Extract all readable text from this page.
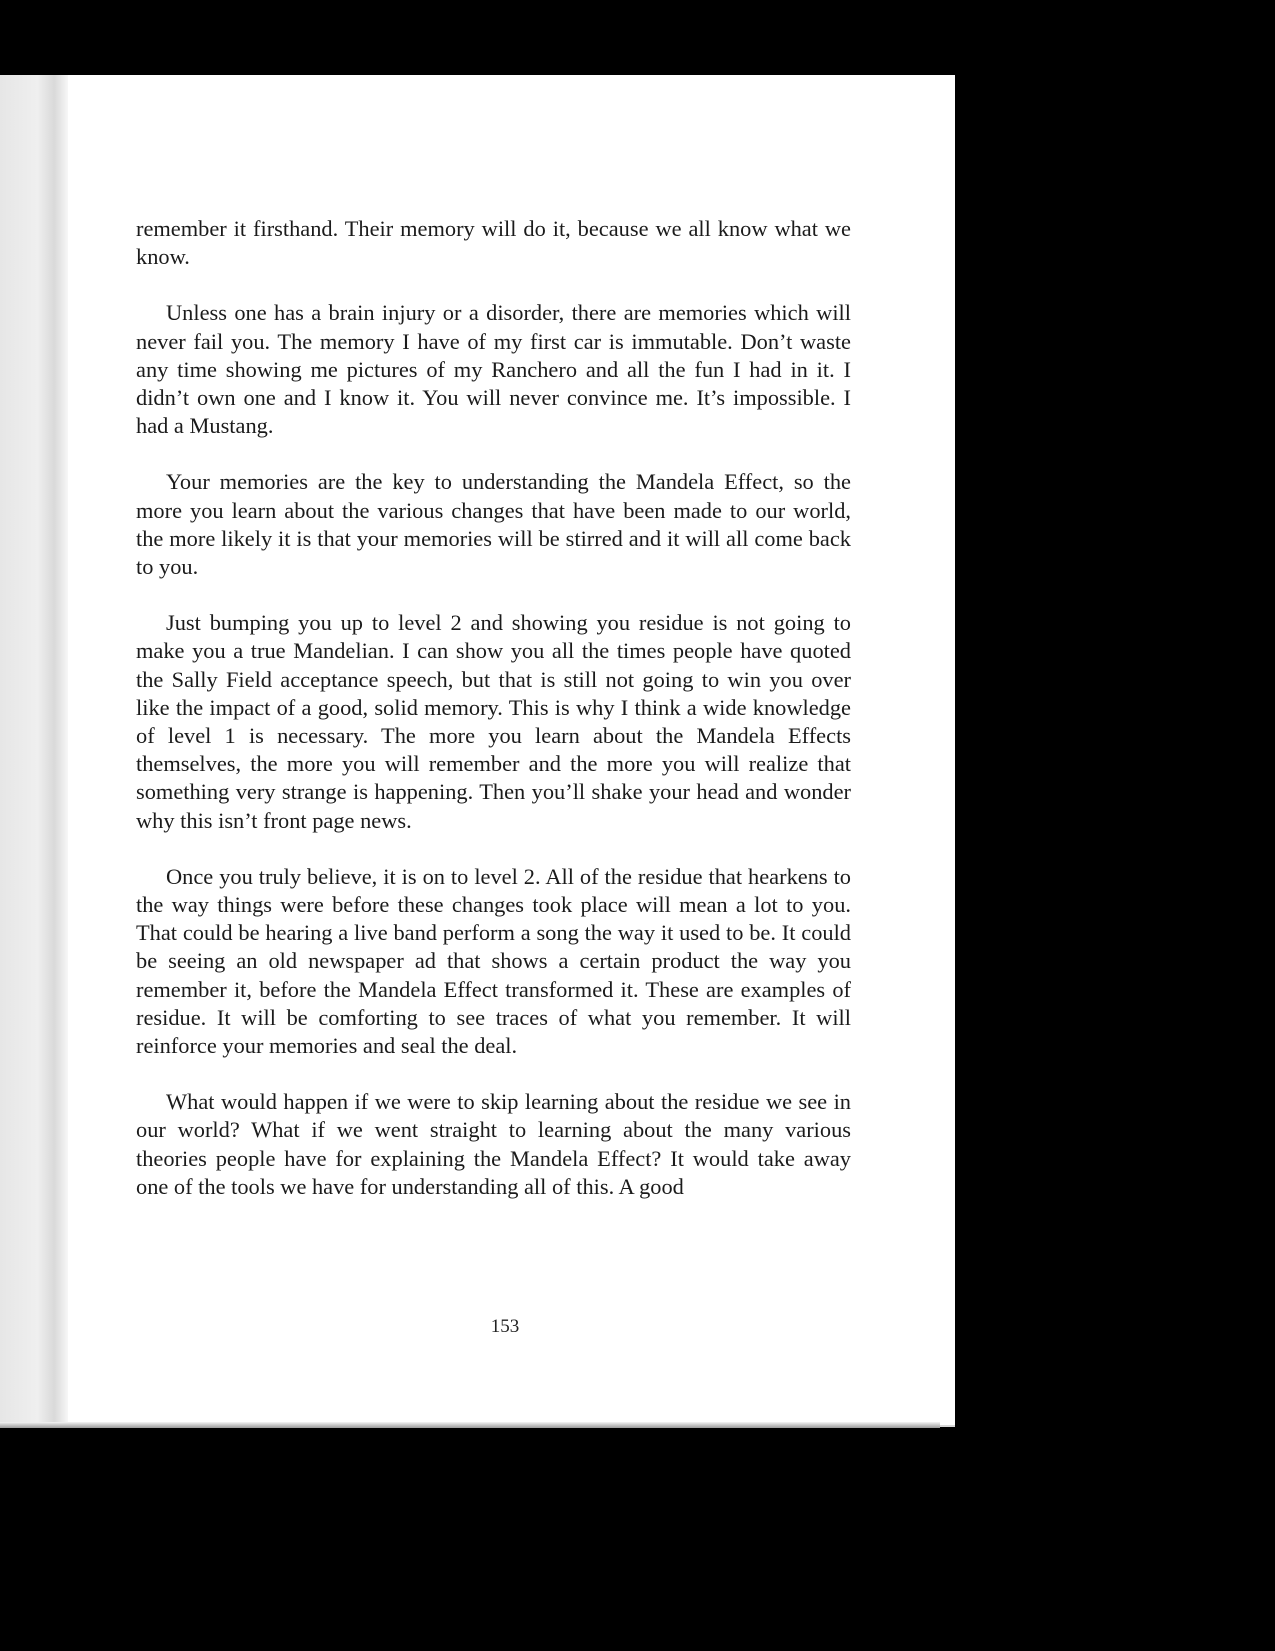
remember it firsthand. Their memory will do it, because we all know what we know.

Unless one has a brain injury or a disorder, there are memories which will never fail you. The memory I have of my first car is immutable. Don’t waste any time showing me pictures of my Ranchero and all the fun I had in it. I didn’t own one and I know it. You will never convince me. It’s impossible. I had a Mustang.

Your memories are the key to understanding the Mandela Effect, so the more you learn about the various changes that have been made to our world, the more likely it is that your memories will be stirred and it will all come back to you.

Just bumping you up to level 2 and showing you residue is not going to make you a true Mandelian. I can show you all the times people have quoted the Sally Field acceptance speech, but that is still not going to win you over like the impact of a good, solid memory. This is why I think a wide knowledge of level 1 is necessary. The more you learn about the Mandela Effects themselves, the more you will remember and the more you will realize that something very strange is happening. Then you’ll shake your head and wonder why this isn’t front page news.

Once you truly believe, it is on to level 2. All of the residue that hearkens to the way things were before these changes took place will mean a lot to you. That could be hearing a live band perform a song the way it used to be. It could be seeing an old newspaper ad that shows a certain product the way you remember it, before the Mandela Effect transformed it. These are examples of residue. It will be comforting to see traces of what you remember. It will reinforce your memories and seal the deal.

What would happen if we were to skip learning about the residue we see in our world? What if we went straight to learning about the many various theories people have for explaining the Mandela Effect? It would take away one of the tools we have for understanding all of this. A good

153
